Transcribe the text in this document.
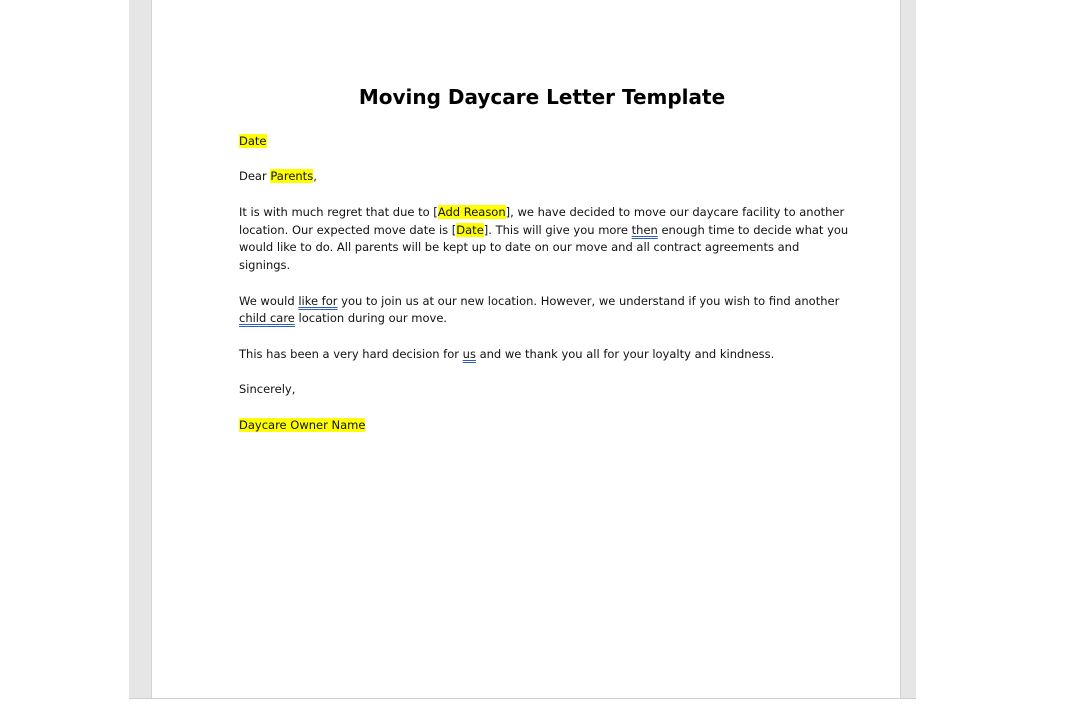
Moving Daycare Letter Template

Date

Dear Parents,

It is with much regret that due to [Add Reason], we have decided to move our daycare facility to another
location. Our expected move date is [Date]. This will give you more then enough time to decide what you
would like to do. All parents will be kept up to date on our move and all contract agreements and
signings.

We would like for you to join us at our new location. However, we understand if you wish to find another
child care location during our move.

This has been a very hard decision for us and we thank you all for your loyalty and kindness.

Sincerely,

Daycare Owner Name
